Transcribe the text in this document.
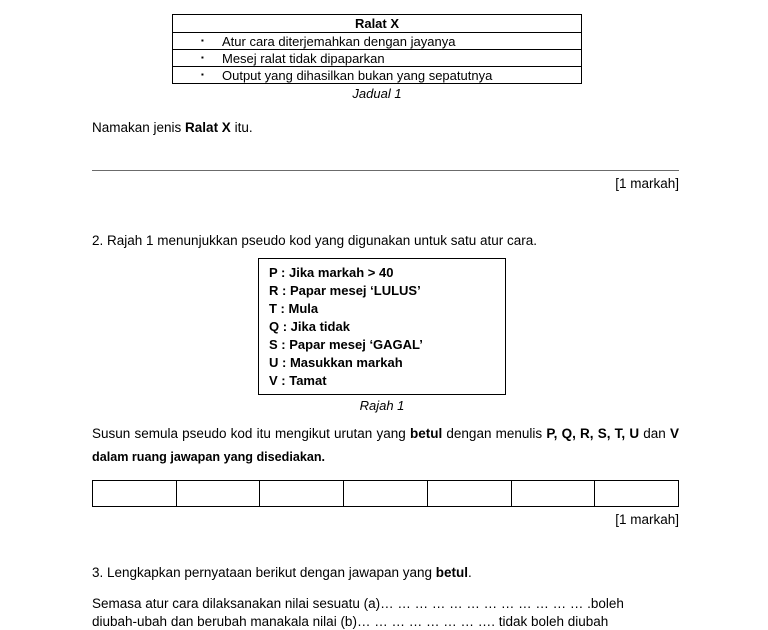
Ralat X

▪	Atur cara diterjemahkan dengan jayanya

▪	Mesej ralat tidak dipaparkan

▪	Output yang dihasilkan bukan yang sepatutnya
Jadual 1

Namakan jenis Ralat X itu.

[1 markah]

2. Rajah 1 menunjukkan pseudo kod yang digunakan untuk satu atur cara.

P : Jika markah > 40
R : Papar mesej ‘LULUS’
T : Mula
Q : Jika tidak
S : Papar mesej ‘GAGAL’
U : Masukkan markah
V : Tamat
Rajah 1

Susun semula pseudo kod itu mengikut urutan yang betul dengan menulis P, Q, R, S, T, U dan V dalam ruang jawapan yang disediakan.

[1 markah]

3. Lengkapkan pernyataan berikut dengan jawapan yang betul.

Semasa atur cara dilaksanakan nilai sesuatu (a)… … … … … … … … … … … … .boleh

diubah-ubah dan berubah manakala nilai (b)… … … … … … … …. tidak boleh diubah
